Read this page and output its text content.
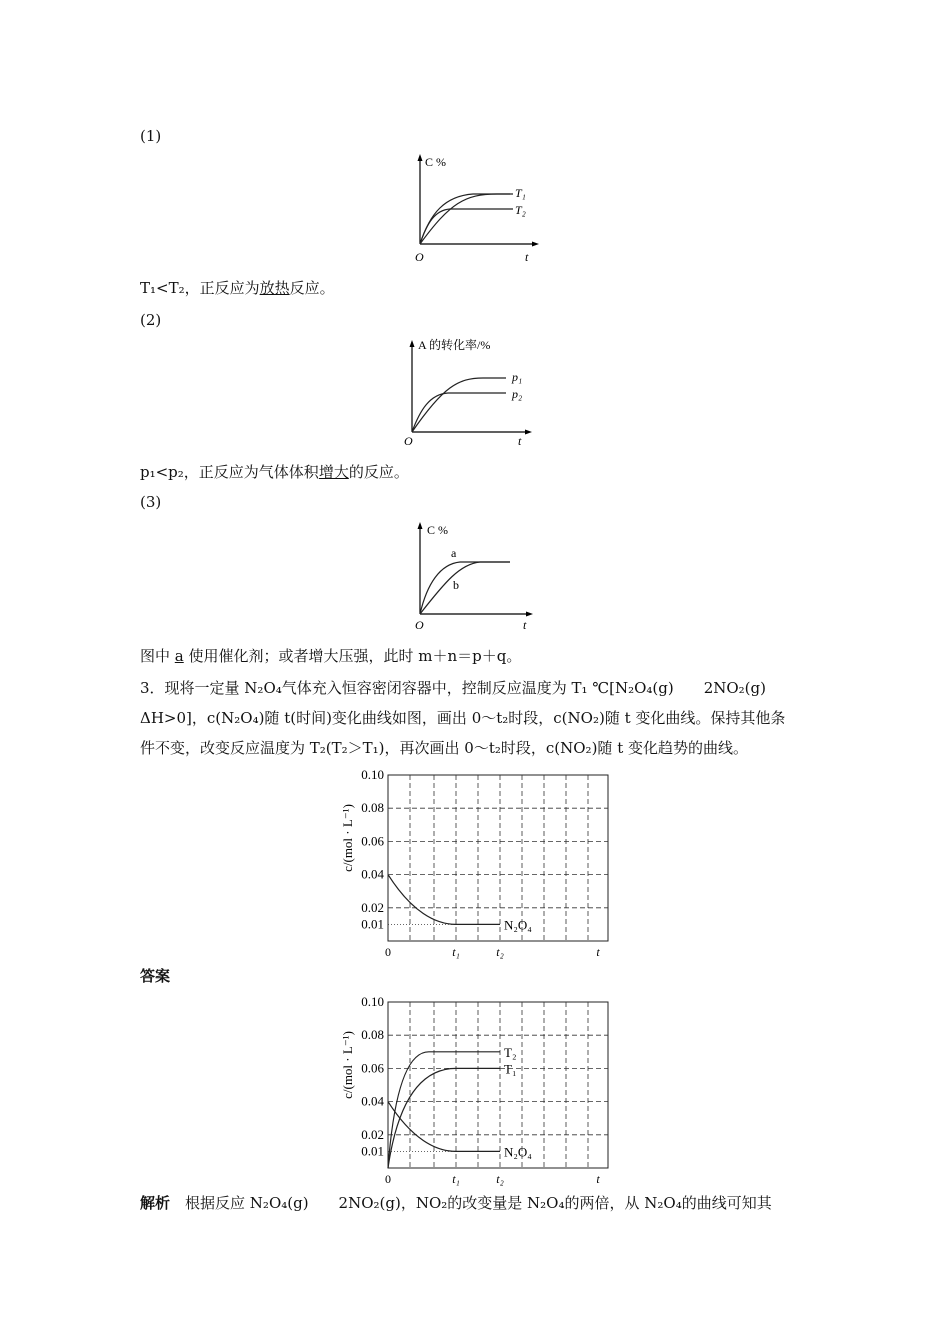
(1)
C %
T₁
T₂
O	t
T₁<T₂，正反应为放热反应。
(2)
A 的转化率/%
p₁
p₂
O	t
p₁<p₂，正反应为气体体积增大的反应。
(3)
C %
a
b
O	t
图中 a 使用催化剂；或者增大压强，此时 m＋n＝p＋q。
3．现将一定量 N₂O₄气体充入恒容密闭容器中，控制反应温度为 T₁ ℃[N₂O₄(g)　　2NO₂(g)
ΔH>0]，c(N₂O₄)随 t(时间)变化曲线如图，画出 0～t₂时段，c(NO₂)随 t 变化曲线。保持其他条
件不变，改变反应温度为 T₂(T₂＞T₁)，再次画出 0～t₂时段，c(NO₂)随 t 变化趋势的曲线。
0.10
0.08
0.06
0.04
0.02
0.01
c/(mol · L⁻¹)
0	t₁	t₂	t
N₂O₄
答案
0.10
0.08
0.06
0.04
0.02
0.01
c/(mol · L⁻¹)
0	t₁	t₂	t
T₂
T₁
N₂O₄
解析　 根据反应 N₂O₄(g)　　2NO₂(g)，NO₂的改变量是 N₂O₄的两倍，从 N₂O₄的曲线可知其
